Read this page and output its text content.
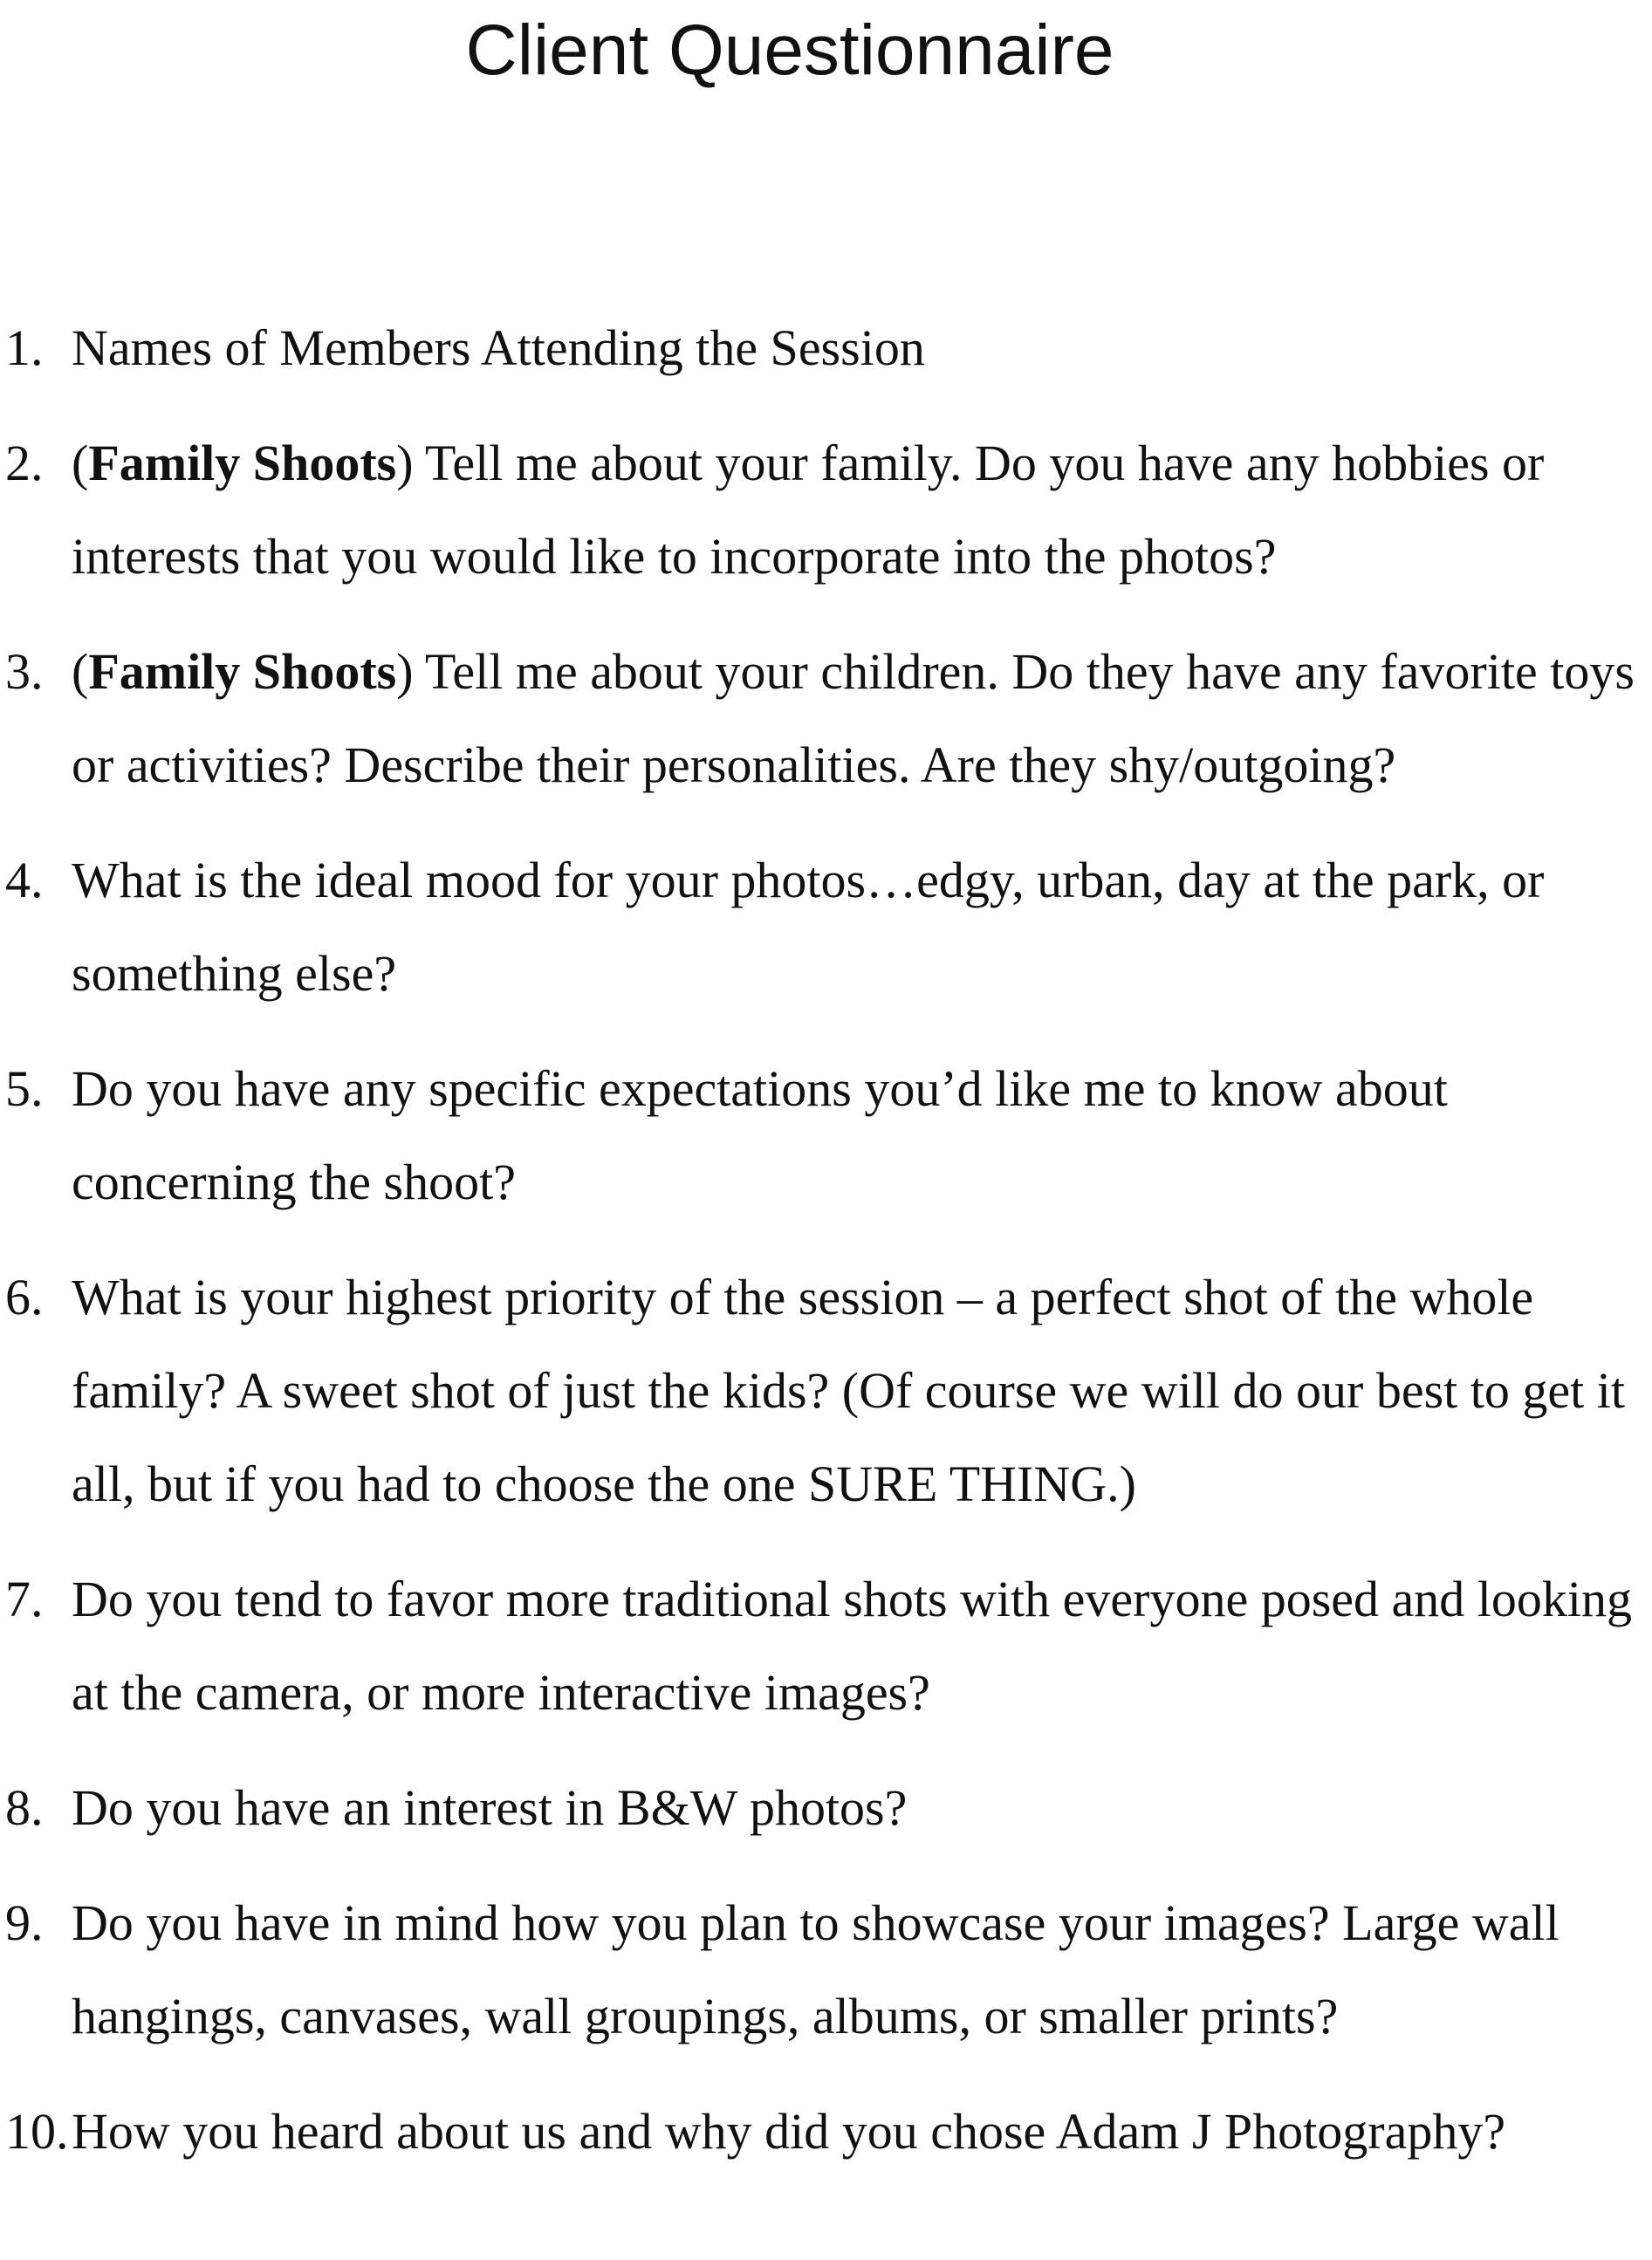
Client Questionnaire
1. Names of Members Attending the Session
2. (Family Shoots) Tell me about your family. Do you have any hobbies or interests that you would like to incorporate into the photos?
3. (Family Shoots) Tell me about your children. Do they have any favorite toys or activities? Describe their personalities. Are they shy/outgoing?
4. What is the ideal mood for your photos…edgy, urban, day at the park, or something else?
5. Do you have any specific expectations you’d like me to know about concerning the shoot?
6. What is your highest priority of the session – a perfect shot of the whole family? A sweet shot of just the kids? (Of course we will do our best to get it all, but if you had to choose the one SURE THING.)
7. Do you tend to favor more traditional shots with everyone posed and looking at the camera, or more interactive images?
8. Do you have an interest in B&W photos?
9. Do you have in mind how you plan to showcase your images? Large wall hangings, canvases, wall groupings, albums, or smaller prints?
10. How you heard about us and why did you chose Adam J Photography?
